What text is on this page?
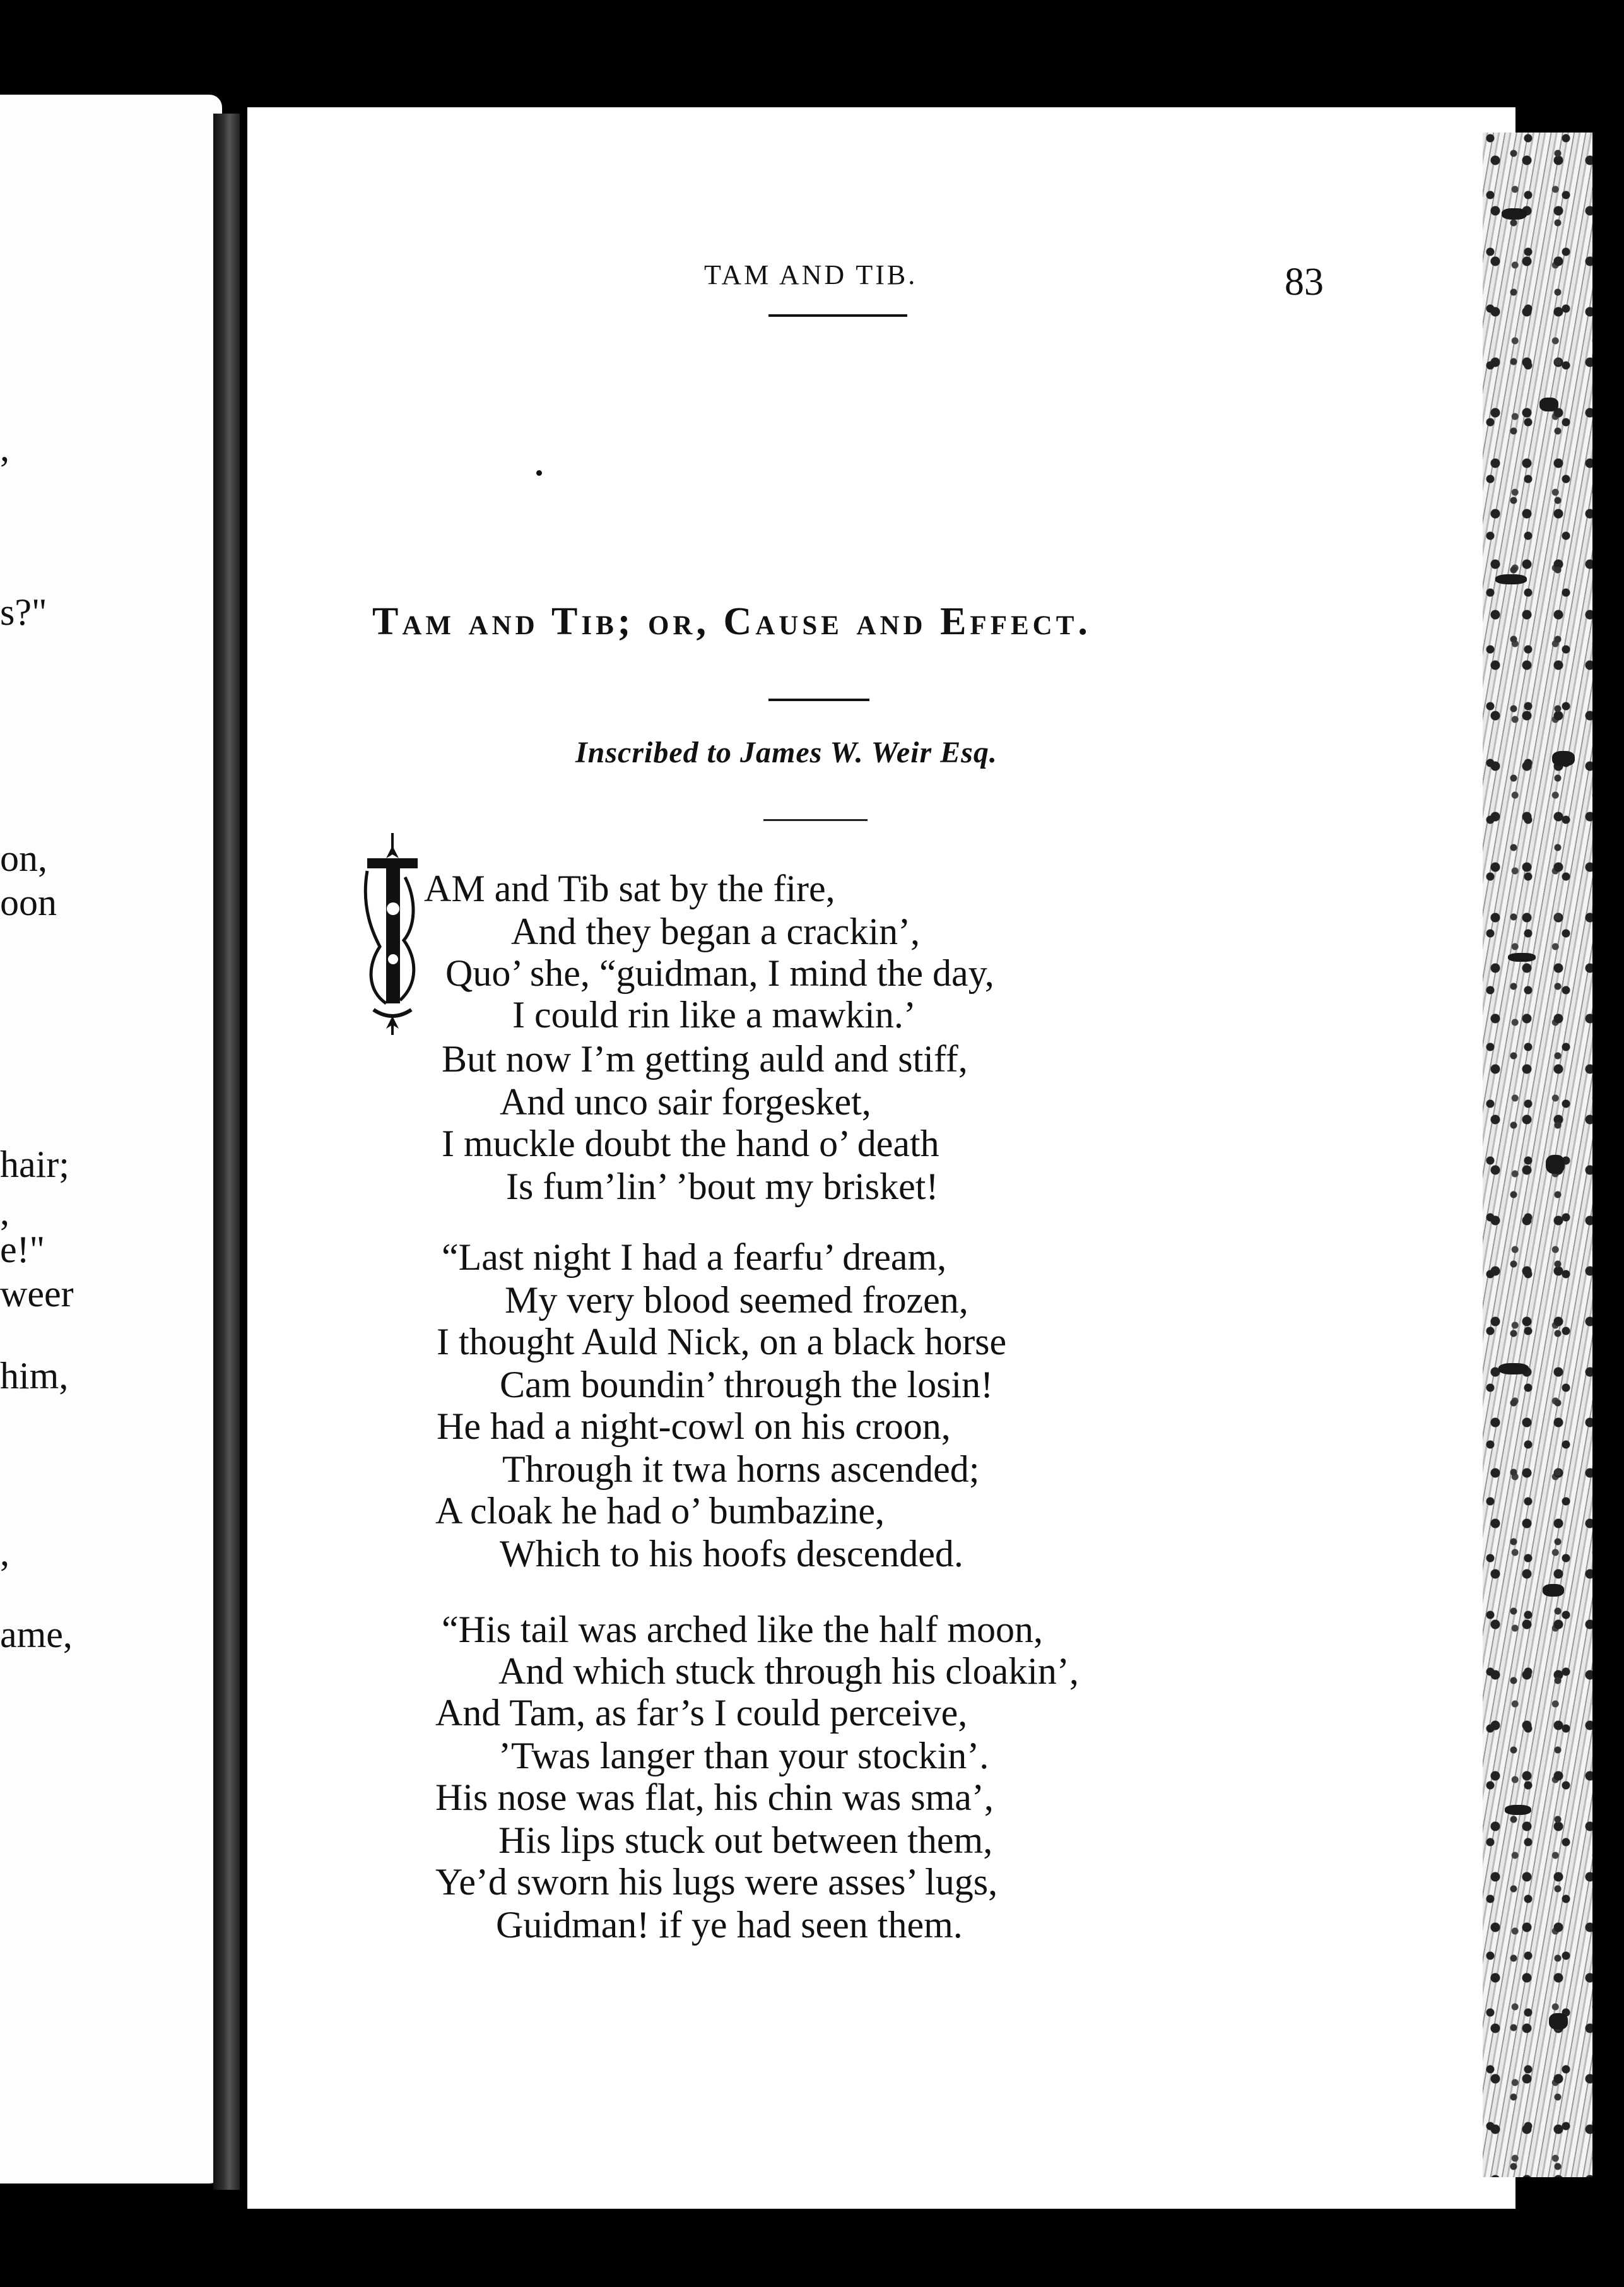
,
s?"
on,
oon
hair;
,
e!"
weer
him,
,
ame,
TAM AND TIB.	83
Tam and Tib; or, Cause and Effect.
Inscribed to James W. Weir Esq.
AM and Tib sat by the fire,
And they began a crackin’,
Quo’ she, “guidman, I mind the day,
I could rin like a mawkin.’
But now I’m getting auld and stiff,
And unco sair forgesket,
I muckle doubt the hand o’ death
Is fum’lin’ ’bout my brisket!
“Last night I had a fearfu’ dream,
My very blood seemed frozen,
I thought Auld Nick, on a black horse
Cam boundin’ through the losin!
He had a night-cowl on his croon,
Through it twa horns ascended;
A cloak he had o’ bumbazine,
Which to his hoofs descended.
“His tail was arched like the half moon,
And which stuck through his cloakin’,
And Tam, as far’s I could perceive,
’Twas langer than your stockin’.
His nose was flat, his chin was sma’,
His lips stuck out between them,
Ye’d sworn his lugs were asses’ lugs,
Guidman! if ye had seen them.
